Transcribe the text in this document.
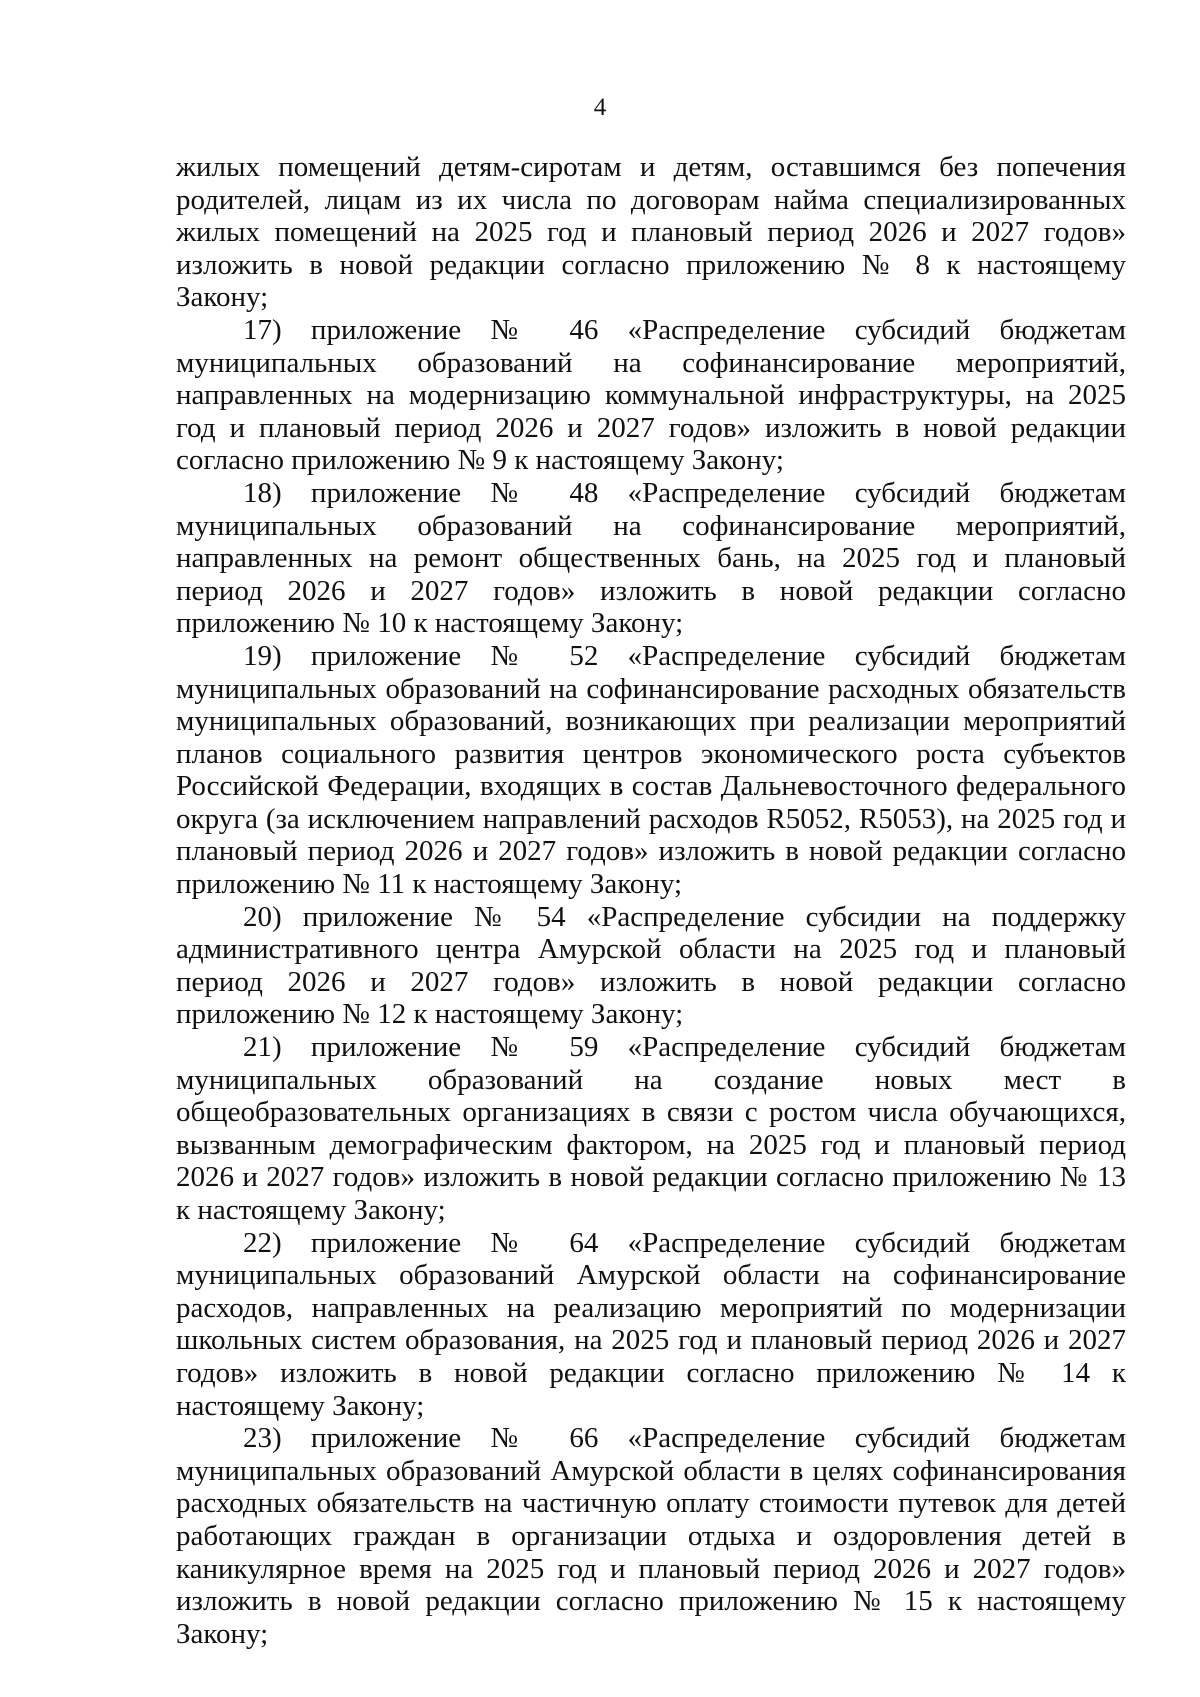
4

жилых помещений детям-сиротам и детям, оставшимся без попечения родителей, лицам из их числа по договорам найма специализированных жилых помещений на 2025 год и плановый период 2026 и 2027 годов» изложить в новой редакции согласно приложению № 8 к настоящему Закону;

17) приложение № 46 «Распределение субсидий бюджетам муниципальных образований на софинансирование мероприятий, направленных на модернизацию коммунальной инфраструктуры, на 2025 год и плановый период 2026 и 2027 годов» изложить в новой редакции согласно приложению № 9 к настоящему Закону;

18) приложение № 48 «Распределение субсидий бюджетам муниципальных образований на софинансирование мероприятий, направленных на ремонт общественных бань, на 2025 год и плановый период 2026 и 2027 годов» изложить в новой редакции согласно приложению № 10 к настоящему Закону;

19) приложение № 52 «Распределение субсидий бюджетам муниципальных образований на софинансирование расходных обязательств муниципальных образований, возникающих при реализации мероприятий планов социального развития центров экономического роста субъектов Российской Федерации, входящих в состав Дальневосточного федерального округа (за исключением направлений расходов R5052, R5053), на 2025 год и плановый период 2026 и 2027 годов» изложить в новой редакции согласно приложению № 11 к настоящему Закону;

20) приложение № 54 «Распределение субсидии на поддержку административного центра Амурской области на 2025 год и плановый период 2026 и 2027 годов» изложить в новой редакции согласно приложению № 12 к настоящему Закону;

21) приложение № 59 «Распределение субсидий бюджетам муниципальных образований на создание новых мест в общеобразовательных организациях в связи с ростом числа обучающихся, вызванным демографическим фактором, на 2025 год и плановый период 2026 и 2027 годов» изложить в новой редакции согласно приложению № 13 к настоящему Закону;

22) приложение № 64 «Распределение субсидий бюджетам муниципальных образований Амурской области на софинансирование расходов, направленных на реализацию мероприятий по модернизации школьных систем образования, на 2025 год и плановый период 2026 и 2027 годов» изложить в новой редакции согласно приложению № 14 к настоящему Закону;

23) приложение № 66 «Распределение субсидий бюджетам муниципальных образований Амурской области в целях софинансирования расходных обязательств на частичную оплату стоимости путевок для детей работающих граждан в организации отдыха и оздоровления детей в каникулярное время на 2025 год и плановый период 2026 и 2027 годов» изложить в новой редакции согласно приложению № 15 к настоящему Закону;
